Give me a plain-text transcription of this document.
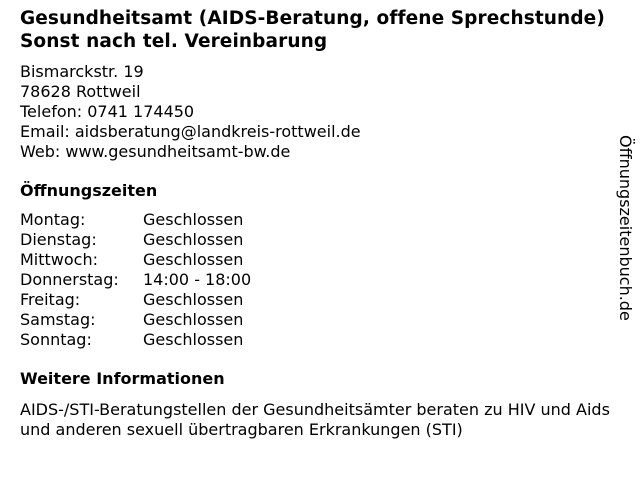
Gesundheitsamt (AIDS-Beratung, offene Sprechstunde) Sonst nach tel. Vereinbarung
Bismarckstr. 19
78628 Rottweil
Telefon: 0741 174450
Email: aidsberatung@landkreis-rottweil.de
Web: www.gesundheitsamt-bw.de
Öffnungszeiten
Montag:	Geschlossen
Dienstag:	Geschlossen
Mittwoch:	Geschlossen
Donnerstag:	14:00 - 18:00
Freitag:	Geschlossen
Samstag:	Geschlossen
Sonntag:	Geschlossen
Weitere Informationen
AIDS-/STI-Beratungstellen der Gesundheitsämter beraten zu HIV und Aids und anderen sexuell übertragbaren Erkrankungen (STI)
Öffnungszeitenbuch.de
